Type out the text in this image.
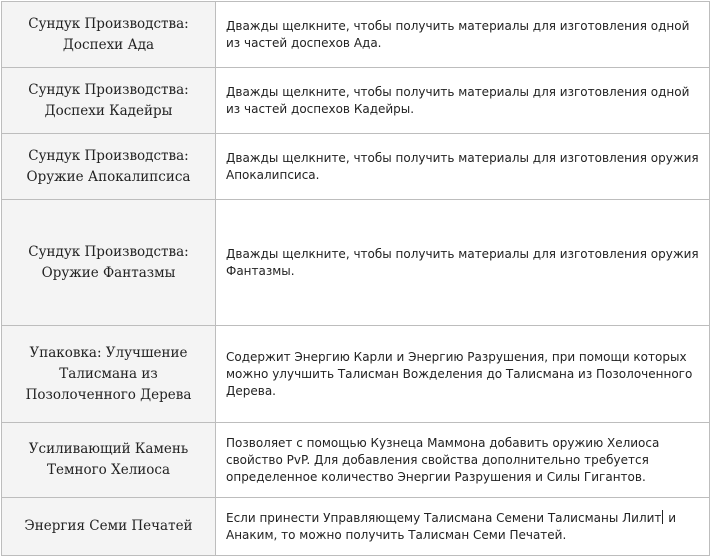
Сундук Производства: Доспехи Ада	Дважды щелкните, чтобы получить материалы для изготовления одной из частей доспехов Ада.
Сундук Производства: Доспехи Кадейры	Дважды щелкните, чтобы получить материалы для изготовления одной из частей доспехов Кадейры.
Сундук Производства: Оружие Апокалипсиса	Дважды щелкните, чтобы получить материалы для изготовления оружия Апокалипсиса.
Сундук Производства: Оружие Фантазмы	Дважды щелкните, чтобы получить материалы для изготовления оружия Фантазмы.
Упаковка: Улучшение Талисмана из Позолоченного Дерева	Содержит Энергию Карли и Энергию Разрушения, при помощи которых можно улучшить Талисман Вожделения до Талисмана из Позолоченного Дерева.
Усиливающий Камень Темного Хелиоса	Позволяет с помощью Кузнеца Маммона добавить оружию Хелиоса свойство PvP. Для добавления свойства дополнительно требуется определенное количество Энергии Разрушения и Силы Гигантов.
Энергия Семи Печатей	Если принести Управляющему Талисмана Семени Талисманы Лилит и Анаким, то можно получить Талисман Семи Печатей.
